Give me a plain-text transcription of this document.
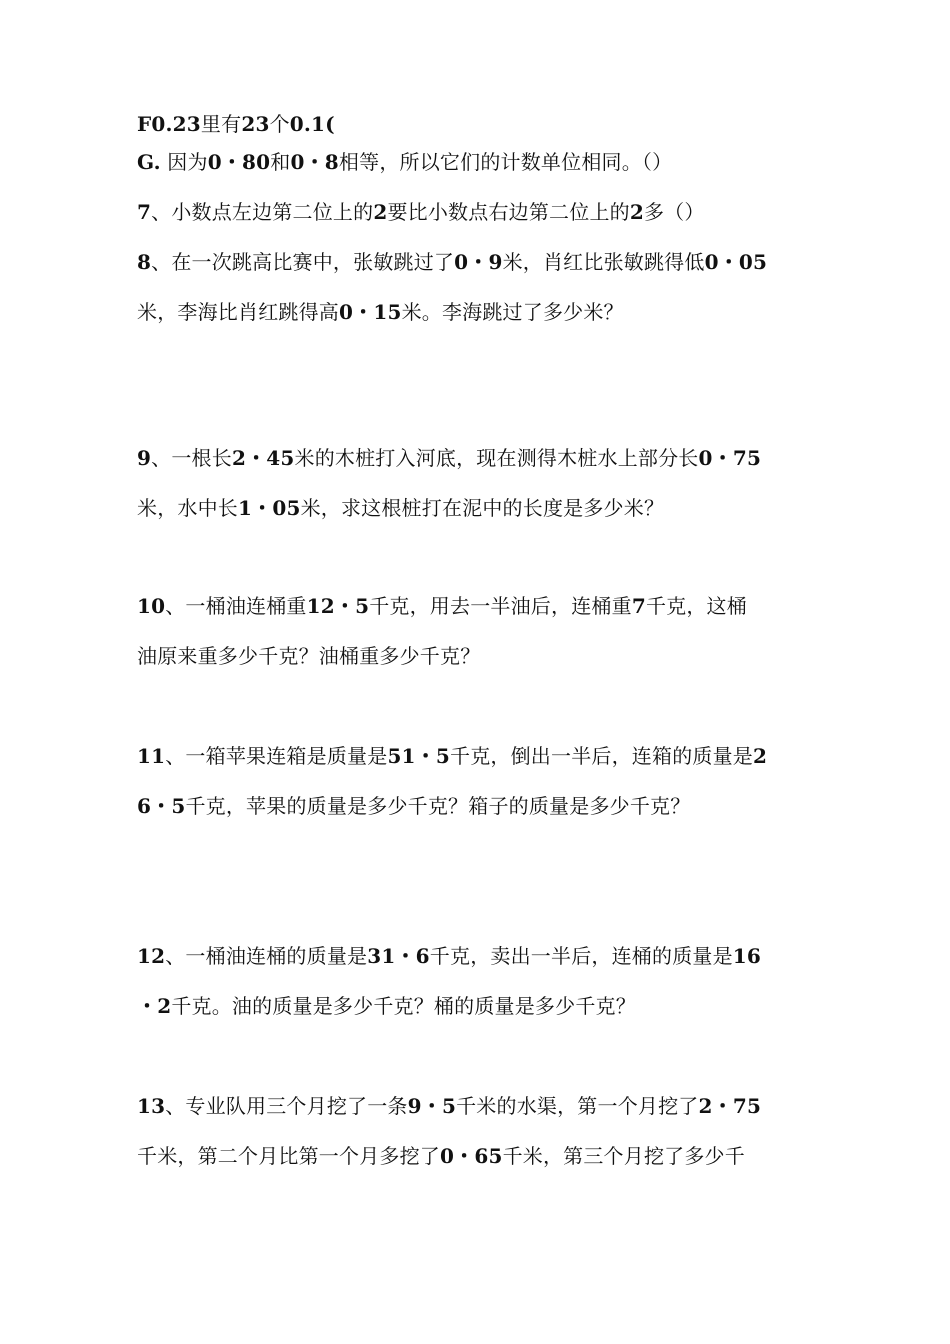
F0.23里有23个0.1(
G. 因为0・80和0・8相等，所以它们的计数单位相同。（）
7、小数点左边第二位上的2要比小数点右边第二位上的2多（）
8、在一次跳高比赛中，张敏跳过了0・9米，肖红比张敏跳得低0・05
米，李海比肖红跳得高0・15米。李海跳过了多少米？
9、一根长2・45米的木桩打入河底，现在测得木桩水上部分长0・75
米，水中长1・05米，求这根桩打在泥中的长度是多少米？
10、一桶油连桶重12・5千克，用去一半油后，连桶重7千克，这桶
油原来重多少千克？油桶重多少千克？
11、一箱苹果连箱是质量是51・5千克，倒出一半后，连箱的质量是2
6・5千克，苹果的质量是多少千克？箱子的质量是多少千克？
12、一桶油连桶的质量是31・6千克，卖出一半后，连桶的质量是16
・2千克。油的质量是多少千克？桶的质量是多少千克？
13、专业队用三个月挖了一条9・5千米的水渠，第一个月挖了2・75
千米，第二个月比第一个月多挖了0・65千米，第三个月挖了多少千
